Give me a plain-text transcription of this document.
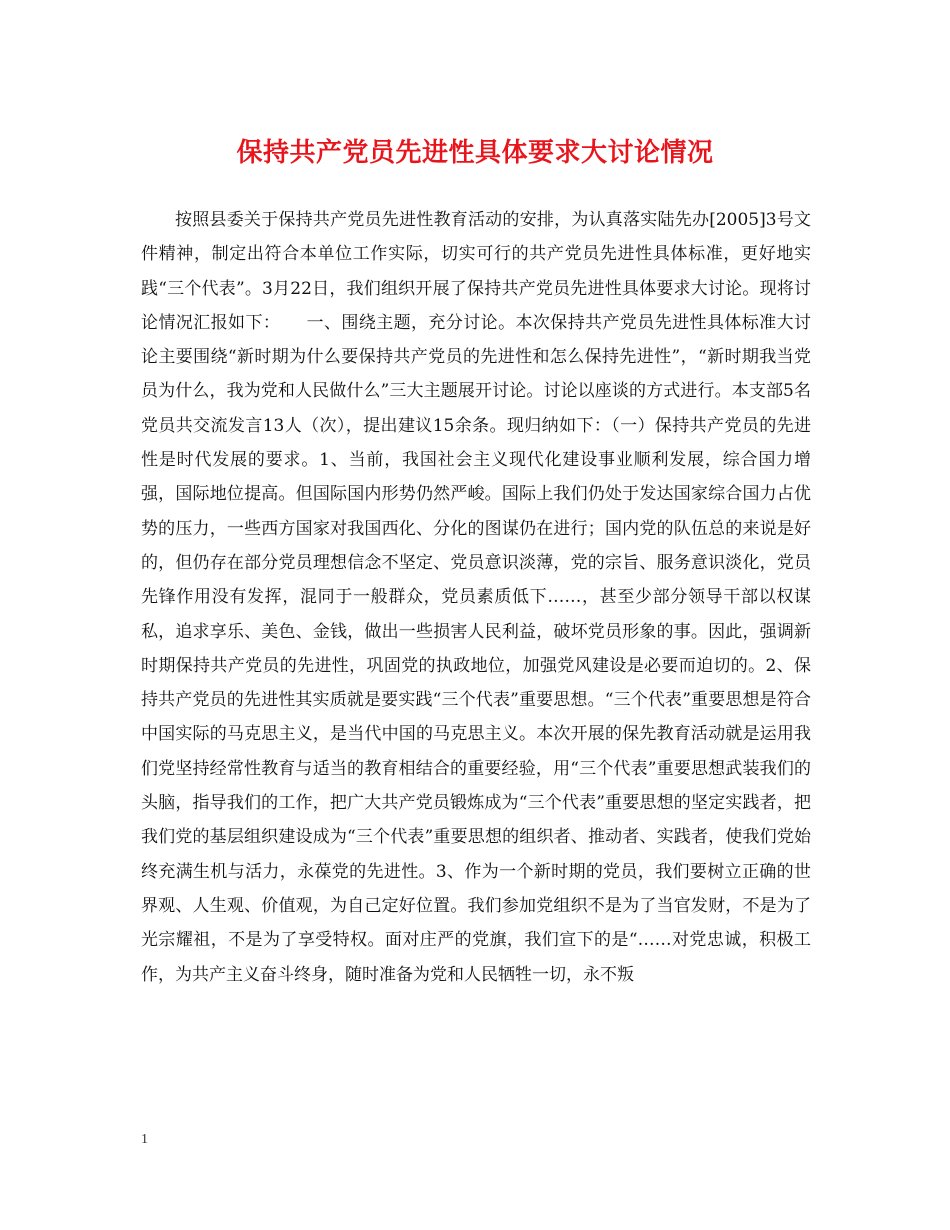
保持共产党员先进性具体要求大讨论情况

按照县委关于保持共产党员先进性教育活动的安排，为认真落实陆先办[2005]3号文件精神，制定出符合本单位工作实际，切实可行的共产党员先进性具体标准，更好地实践“三个代表”。3月22日，我们组织开展了保持共产党员先进性具体要求大讨论。现将讨论情况汇报如下：　　一、围绕主题，充分讨论。本次保持共产党员先进性具体标准大讨论主要围绕“新时期为什么要保持共产党员的先进性和怎么保持先进性”，“新时期我当党员为什么，我为党和人民做什么”三大主题展开讨论。讨论以座谈的方式进行。本支部5名党员共交流发言13人（次），提出建议15余条。现归纳如下：（一）保持共产党员的先进性是时代发展的要求。1、当前，我国社会主义现代化建设事业顺利发展，综合国力增强，国际地位提高。但国际国内形势仍然严峻。国际上我们仍处于发达国家综合国力占优势的压力，一些西方国家对我国西化、分化的图谋仍在进行；国内党的队伍总的来说是好的，但仍存在部分党员理想信念不坚定、党员意识淡薄，党的宗旨、服务意识淡化，党员先锋作用没有发挥，混同于一般群众，党员素质低下……，甚至少部分领导干部以权谋私，追求享乐、美色、金钱，做出一些损害人民利益，破坏党员形象的事。因此，强调新时期保持共产党员的先进性，巩固党的执政地位，加强党风建设是必要而迫切的。2、保持共产党员的先进性其实质就是要实践“三个代表”重要思想。“三个代表”重要思想是符合中国实际的马克思主义，是当代中国的马克思主义。本次开展的保先教育活动就是运用我们党坚持经常性教育与适当的教育相结合的重要经验，用“三个代表”重要思想武装我们的头脑，指导我们的工作，把广大共产党员锻炼成为“三个代表”重要思想的坚定实践者，把我们党的基层组织建设成为“三个代表”重要思想的组织者、推动者、实践者，使我们党始终充满生机与活力，永葆党的先进性。3、作为一个新时期的党员，我们要树立正确的世界观、人生观、价值观，为自己定好位置。我们参加党组织不是为了当官发财，不是为了光宗耀祖，不是为了享受特权。面对庄严的党旗，我们宣下的是“……对党忠诚，积极工作，为共产主义奋斗终身，随时准备为党和人民牺牲一切，永不叛

1
